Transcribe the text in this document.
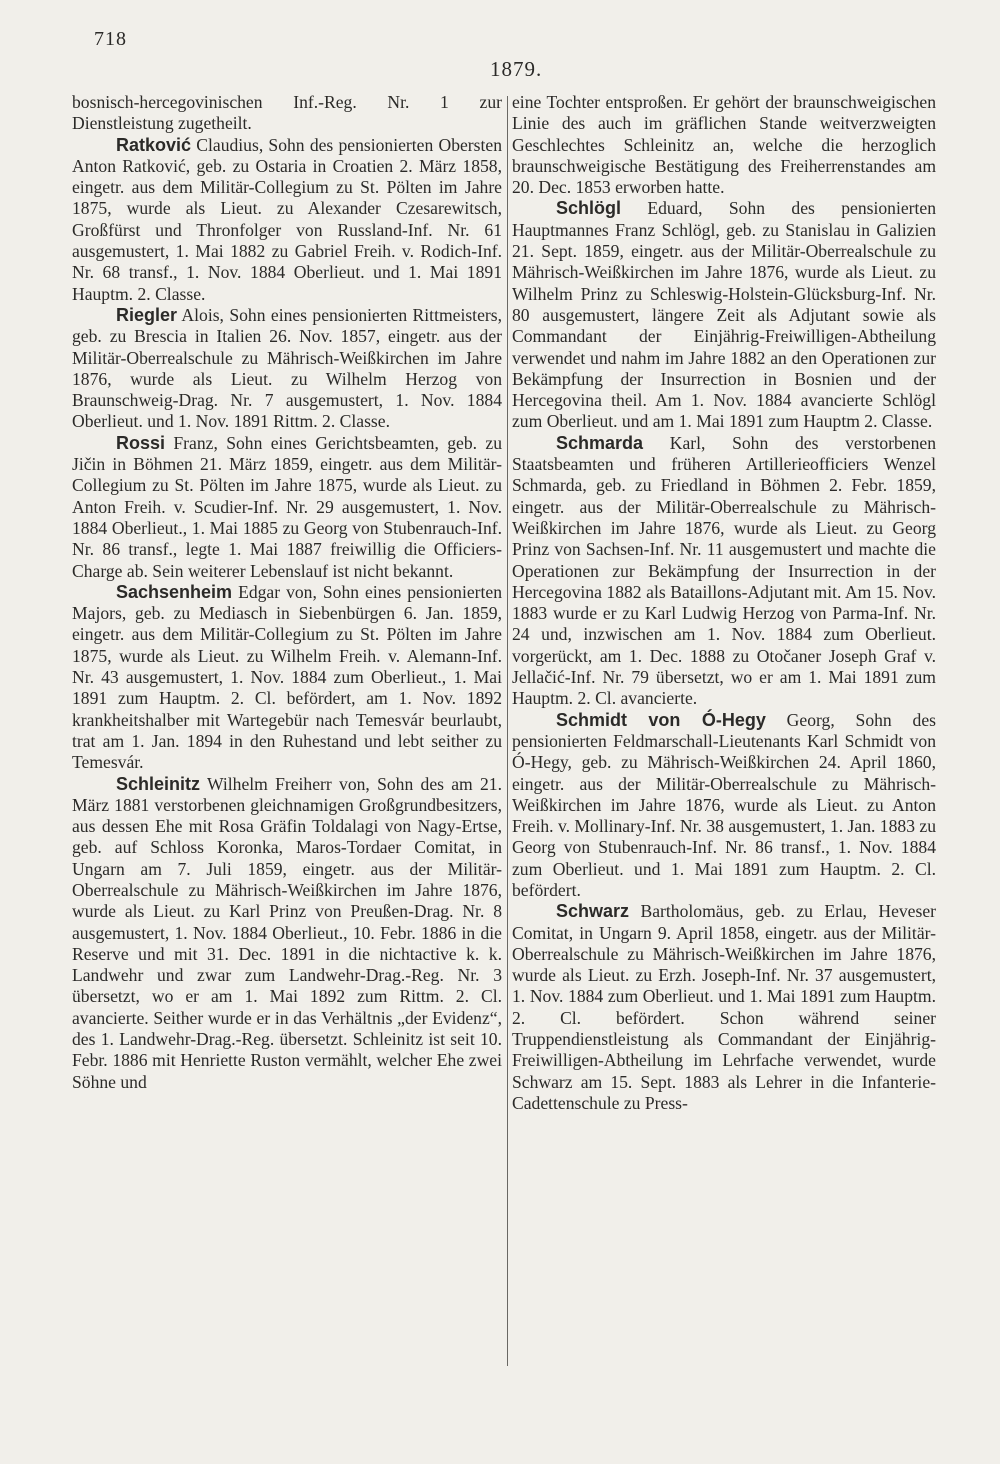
718
1879.

bosnisch-hercegovinischen Inf.-Reg. Nr. 1 zur Dienstleistung zugetheilt.

Ratković Claudius, Sohn des pensionierten Obersten Anton Ratković, geb. zu Ostaria in Croatien 2. März 1858, eingetr. aus dem Militär-Collegium zu St. Pölten im Jahre 1875, wurde als Lieut. zu Alexander Czesarewitsch, Großfürst und Thronfolger von Russland-Inf. Nr. 61 ausgemustert, 1. Mai 1882 zu Gabriel Freih. v. Rodich-Inf. Nr. 68 transf., 1. Nov. 1884 Oberlieut. und 1. Mai 1891 Hauptm. 2. Classe.

Riegler Alois, Sohn eines pensionierten Rittmeisters, geb. zu Brescia in Italien 26. Nov. 1857, eingetr. aus der Militär-Oberrealschule zu Mährisch-Weißkirchen im Jahre 1876, wurde als Lieut. zu Wilhelm Herzog von Braunschweig-Drag. Nr. 7 ausgemustert, 1. Nov. 1884 Oberlieut. und 1. Nov. 1891 Rittm. 2. Classe.

Rossi Franz, Sohn eines Gerichtsbeamten, geb. zu Jičin in Böhmen 21. März 1859, eingetr. aus dem Militär-Collegium zu St. Pölten im Jahre 1875, wurde als Lieut. zu Anton Freih. v. Scudier-Inf. Nr. 29 ausgemustert, 1. Nov. 1884 Oberlieut., 1. Mai 1885 zu Georg von Stubenrauch-Inf. Nr. 86 transf., legte 1. Mai 1887 freiwillig die Officiers-Charge ab. Sein weiterer Lebenslauf ist nicht bekannt.

Sachsenheim Edgar von, Sohn eines pensionierten Majors, geb. zu Mediasch in Siebenbürgen 6. Jan. 1859, eingetr. aus dem Militär-Collegium zu St. Pölten im Jahre 1875, wurde als Lieut. zu Wilhelm Freih. v. Alemann-Inf. Nr. 43 ausgemustert, 1. Nov. 1884 zum Oberlieut., 1. Mai 1891 zum Hauptm. 2. Cl. befördert, am 1. Nov. 1892 krankheitshalber mit Wartegebür nach Temesvár beurlaubt, trat am 1. Jan. 1894 in den Ruhestand und lebt seither zu Temesvár.

Schleinitz Wilhelm Freiherr von, Sohn des am 21. März 1881 verstorbenen gleichnamigen Großgrundbesitzers, aus dessen Ehe mit Rosa Gräfin Toldalagi von Nagy-Ertse, geb. auf Schloss Koronka, Maros-Tordaer Comitat, in Ungarn am 7. Juli 1859, eingetr. aus der Militär-Oberrealschule zu Mährisch-Weißkirchen im Jahre 1876, wurde als Lieut. zu Karl Prinz von Preußen-Drag. Nr. 8 ausgemustert, 1. Nov. 1884 Oberlieut., 10. Febr. 1886 in die Reserve und mit 31. Dec. 1891 in die nichtactive k. k. Landwehr und zwar zum Landwehr-Drag.-Reg. Nr. 3 übersetzt, wo er am 1. Mai 1892 zum Rittm. 2. Cl. avancierte. Seither wurde er in das Verhältnis „der Evidenz“, des 1. Landwehr-Drag.-Reg. übersetzt. Schleinitz ist seit 10. Febr. 1886 mit Henriette Ruston vermählt, welcher Ehe zwei Söhne und

eine Tochter entsproßen. Er gehört der braunschweigischen Linie des auch im gräflichen Stande weitverzweigten Geschlechtes Schleinitz an, welche die herzoglich braunschweigische Bestätigung des Freiherrenstandes am 20. Dec. 1853 erworben hatte.

Schlögl Eduard, Sohn des pensionierten Hauptmannes Franz Schlögl, geb. zu Stanislau in Galizien 21. Sept. 1859, eingetr. aus der Militär-Oberrealschule zu Mährisch-Weißkirchen im Jahre 1876, wurde als Lieut. zu Wilhelm Prinz zu Schleswig-Holstein-Glücksburg-Inf. Nr. 80 ausgemustert, längere Zeit als Adjutant sowie als Commandant der Einjährig-Freiwilligen-Abtheilung verwendet und nahm im Jahre 1882 an den Operationen zur Bekämpfung der Insurrection in Bosnien und der Hercegovina theil. Am 1. Nov. 1884 avancierte Schlögl zum Oberlieut. und am 1. Mai 1891 zum Hauptm 2. Classe.

Schmarda Karl, Sohn des verstorbenen Staatsbeamten und früheren Artillerieofficiers Wenzel Schmarda, geb. zu Friedland in Böhmen 2. Febr. 1859, eingetr. aus der Militär-Oberrealschule zu Mährisch-Weißkirchen im Jahre 1876, wurde als Lieut. zu Georg Prinz von Sachsen-Inf. Nr. 11 ausgemustert und machte die Operationen zur Bekämpfung der Insurrection in der Hercegovina 1882 als Bataillons-Adjutant mit. Am 15. Nov. 1883 wurde er zu Karl Ludwig Herzog von Parma-Inf. Nr. 24 und, inzwischen am 1. Nov. 1884 zum Oberlieut. vorgerückt, am 1. Dec. 1888 zu Otočaner Joseph Graf v. Jellačić-Inf. Nr. 79 übersetzt, wo er am 1. Mai 1891 zum Hauptm. 2. Cl. avancierte.

Schmidt von Ó-Hegy Georg, Sohn des pensionierten Feldmarschall-Lieutenants Karl Schmidt von Ó-Hegy, geb. zu Mährisch-Weißkirchen 24. April 1860, eingetr. aus der Militär-Oberrealschule zu Mährisch-Weißkirchen im Jahre 1876, wurde als Lieut. zu Anton Freih. v. Mollinary-Inf. Nr. 38 ausgemustert, 1. Jan. 1883 zu Georg von Stubenrauch-Inf. Nr. 86 transf., 1. Nov. 1884 zum Oberlieut. und 1. Mai 1891 zum Hauptm. 2. Cl. befördert.

Schwarz Bartholomäus, geb. zu Erlau, Heveser Comitat, in Ungarn 9. April 1858, eingetr. aus der Militär-Oberrealschule zu Mährisch-Weißkirchen im Jahre 1876, wurde als Lieut. zu Erzh. Joseph-Inf. Nr. 37 ausgemustert, 1. Nov. 1884 zum Oberlieut. und 1. Mai 1891 zum Hauptm. 2. Cl. befördert. Schon während seiner Truppendienstleistung als Commandant der Einjährig-Freiwilligen-Abtheilung im Lehrfache verwendet, wurde Schwarz am 15. Sept. 1883 als Lehrer in die Infanterie-Cadettenschule zu Press-
